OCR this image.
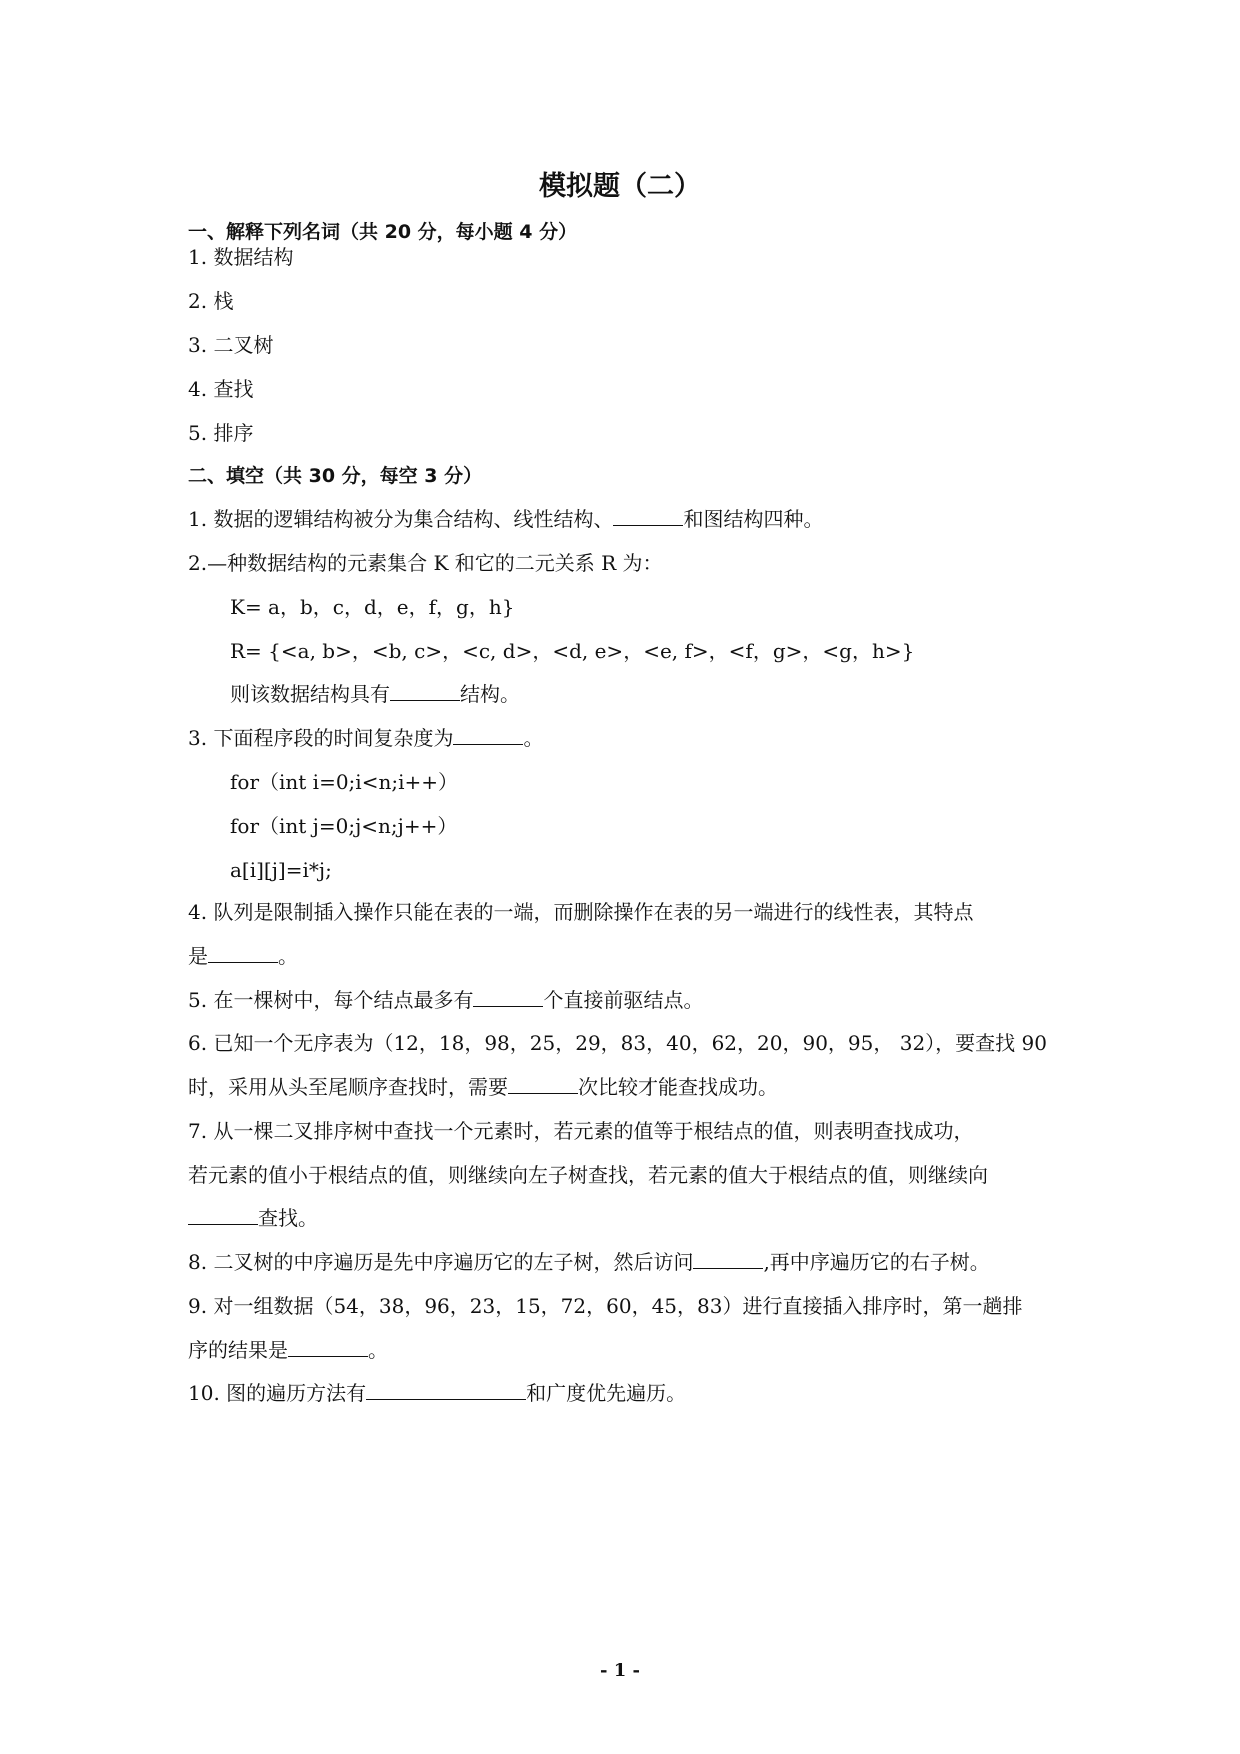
模拟题（二）
一、解释下列名词（共 20 分，每小题 4 分）
1. 数据结构
2. 栈
3. 二叉树
4. 查找
5. 排序
二、填空（共 30 分，每空 3 分）
1. 数据的逻辑结构被分为集合结构、线性结构、	和图结构四种。
2.—种数据结构的元素集合 K 和它的二元关系 R 为：
K= a，b，c，d，e，f，g，h}
R= {<a, b>，<b, c>，<c, d>，<d, e>，<e, f>，<f，g>，<g，h>}
则该数据结构具有	结构。
3. 下面程序段的时间复杂度为	。
for（int i=0;i<n;i++）
for（int j=0;j<n;j++）
a[i][j]=i*j;
4. 队列是限制插入操作只能在表的一端，而删除操作在表的另一端进行的线性表，其特点
是	。
5. 在一棵树中，每个结点最多有	个直接前驱结点。
6. 已知一个无序表为（12，18，98，25，29，83，40，62，20，90，95， 32），要查找 90
时，采用从头至尾顺序查找时，需要	次比较才能查找成功。
7. 从一棵二叉排序树中查找一个元素时，若元素的值等于根结点的值，则表明查找成功，
若元素的值小于根结点的值，则继续向左子树查找，若元素的值大于根结点的值，则继续向
查找。
8. 二叉树的中序遍历是先中序遍历它的左子树，然后访问	,再中序遍历它的右子树。
9. 对一组数据（54，38，96，23，15，72，60，45，83）进行直接插入排序时，第一趟排
序的结果是	。
10. 图的遍历方法有	和广度优先遍历。
- 1 -
